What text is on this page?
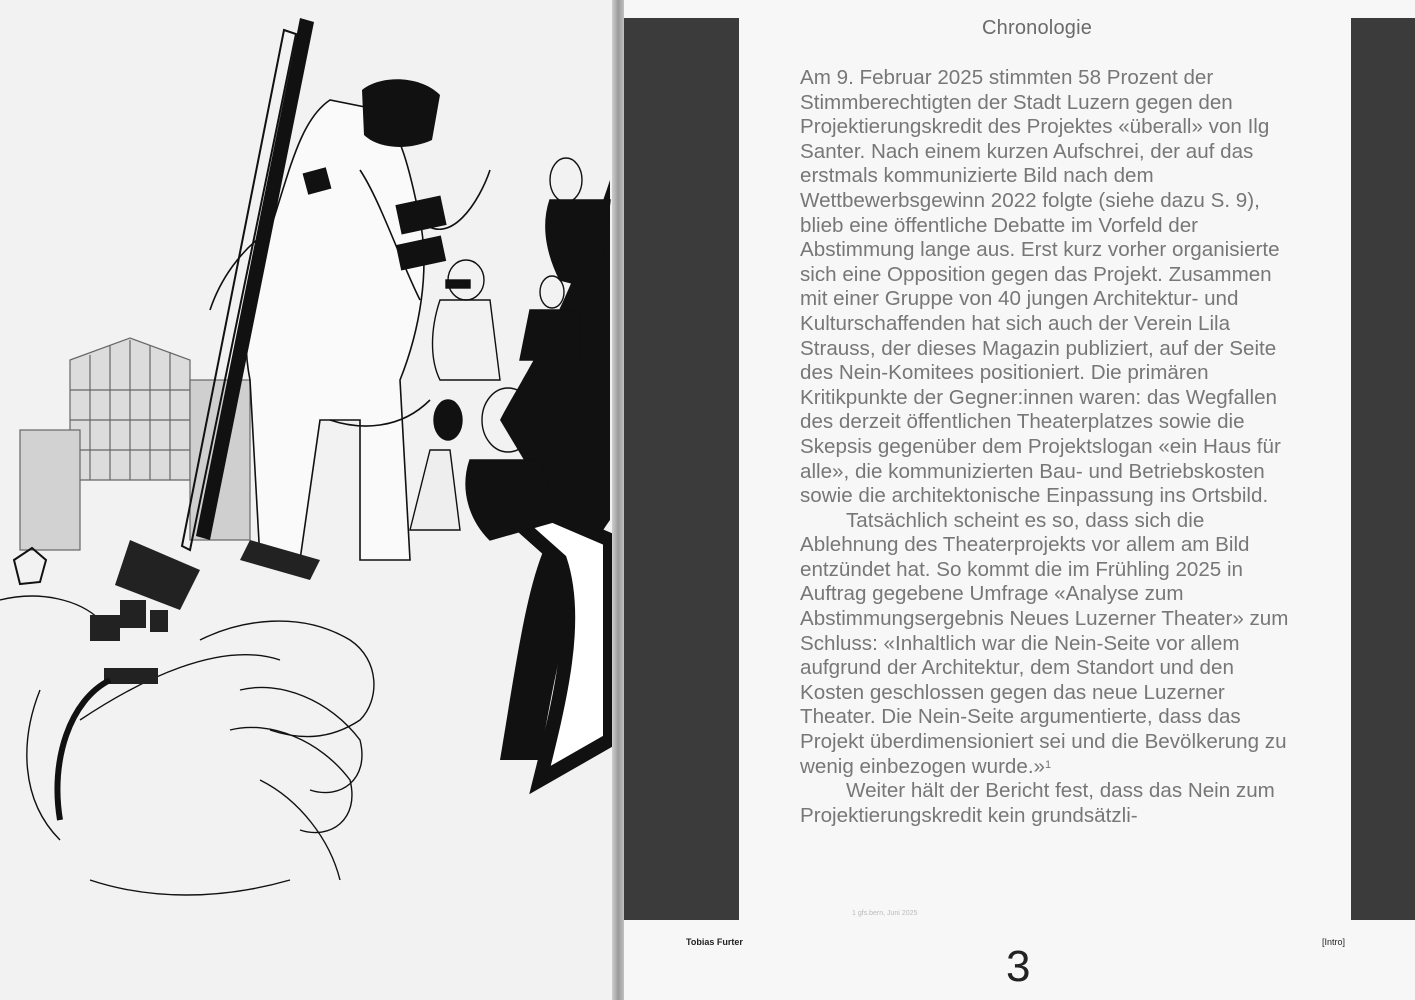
Chronologie

Am 9. Februar 2025 stimmten 58 Prozent der Stimmberechtigten der Stadt Luzern gegen den Projektierungskredit des Projektes «überall» von Ilg Santer. Nach einem kurzen Aufschrei, der auf das erstmals kommunizierte Bild nach dem Wettbewerbsgewinn 2022 folgte (siehe dazu S. 9), blieb eine öffentliche Debatte im Vorfeld der Abstimmung lange aus. Erst kurz vorher organisierte sich eine Opposition gegen das Projekt. Zusammen mit einer Gruppe von 40 jungen Architektur- und Kulturschaffenden hat sich auch der Verein Lila Strauss, der dieses Magazin publiziert, auf der Seite des Nein-Komitees positioniert. Die primären Kritikpunkte der Gegner:innen waren: das Wegfallen des derzeit öffentlichen Theaterplatzes sowie die Skepsis gegenüber dem Projektslogan «ein Haus für alle», die kommunizierten Bau- und Betriebskosten sowie die architektonische Einpassung ins Ortsbild.

Tatsächlich scheint es so, dass sich die Ablehnung des Theaterprojekts vor allem am Bild entzündet hat. So kommt die im Frühling 2025 in Auftrag gegebene Umfrage «Analyse zum Abstimmungsergebnis Neues Luzerner Theater» zum Schluss: «Inhaltlich war die Nein-Seite vor allem aufgrund der Architektur, dem Standort und den Kosten geschlossen gegen das neue Luzerner Theater. Die Nein-Seite argumentierte, dass das Projekt überdimensioniert sei und die Bevölkerung zu wenig einbezogen wurde.»$^1$

Weiter hält der Bericht fest, dass das Nein zum Projektierungskredit kein grundsätzli-

1 gfs.bern, Juni 2025
Tobias Furter	3	[Intro]
